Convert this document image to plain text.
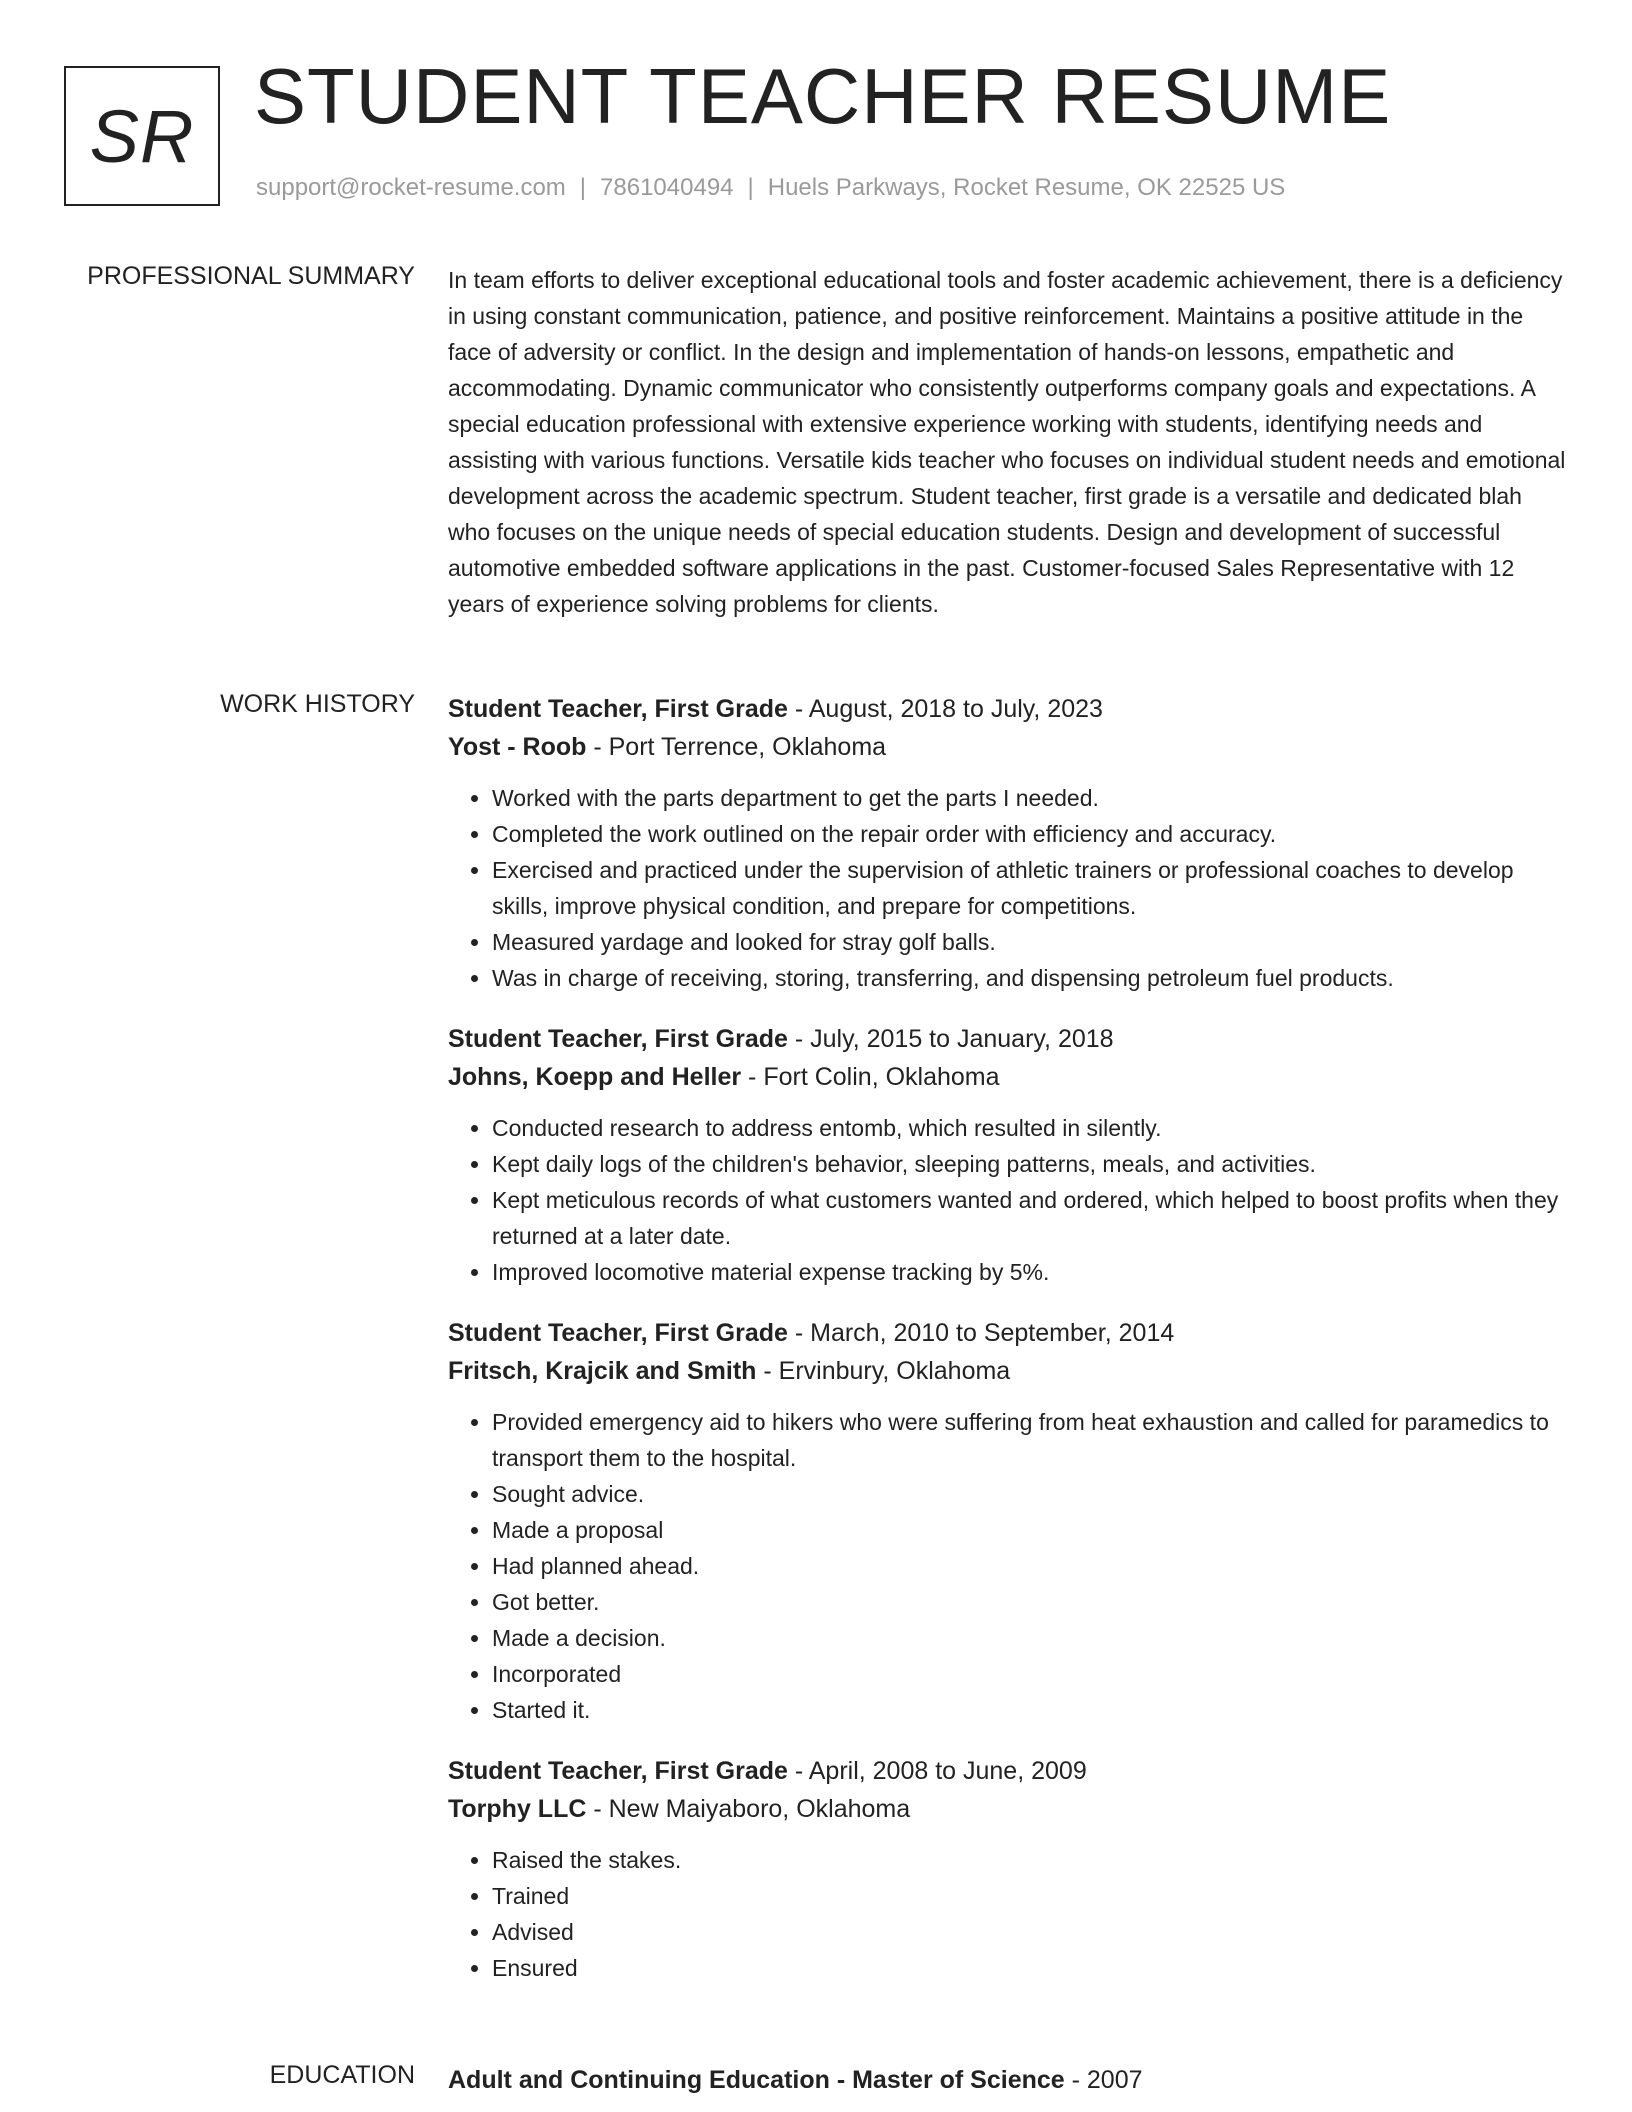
SR STUDENT TEACHER RESUME
support@rocket-resume.com | 7861040494 | Huels Parkways, Rocket Resume, OK 22525 US
PROFESSIONAL SUMMARY In team efforts to deliver exceptional educational tools and foster academic achievement, there is a deficiency in using constant communication, patience, and positive reinforcement. Maintains a positive attitude in the face of adversity or conflict. In the design and implementation of hands-on lessons, empathetic and accommodating. Dynamic communicator who consistently outperforms company goals and expectations. A special education professional with extensive experience working with students, identifying needs and assisting with various functions. Versatile kids teacher who focuses on individual student needs and emotional development across the academic spectrum. Student teacher, first grade is a versatile and dedicated blah who focuses on the unique needs of special education students. Design and development of successful automotive embedded software applications in the past. Customer-focused Sales Representative with 12 years of experience solving problems for clients.

WORK HISTORY Student Teacher, First Grade - August, 2018 to July, 2023
Yost - Roob - Port Terrence, Oklahoma
• Worked with the parts department to get the parts I needed.
• Completed the work outlined on the repair order with efficiency and accuracy.
• Exercised and practiced under the supervision of athletic trainers or professional coaches to develop skills, improve physical condition, and prepare for competitions.
• Measured yardage and looked for stray golf balls.
• Was in charge of receiving, storing, transferring, and dispensing petroleum fuel products.
Student Teacher, First Grade - July, 2015 to January, 2018
Johns, Koepp and Heller - Fort Colin, Oklahoma
• Conducted research to address entomb, which resulted in silently.
• Kept daily logs of the children's behavior, sleeping patterns, meals, and activities.
• Kept meticulous records of what customers wanted and ordered, which helped to boost profits when they returned at a later date.
• Improved locomotive material expense tracking by 5%.
Student Teacher, First Grade - March, 2010 to September, 2014
Fritsch, Krajcik and Smith - Ervinbury, Oklahoma
• Provided emergency aid to hikers who were suffering from heat exhaustion and called for paramedics to transport them to the hospital.
• Sought advice.
• Made a proposal
• Had planned ahead.
• Got better.
• Made a decision.
• Incorporated
• Started it.
Student Teacher, First Grade - April, 2008 to June, 2009
Torphy LLC - New Maiyaboro, Oklahoma
• Raised the stakes.
• Trained
• Advised
• Ensured
EDUCATION Adult and Continuing Education - Master of Science - 2007
